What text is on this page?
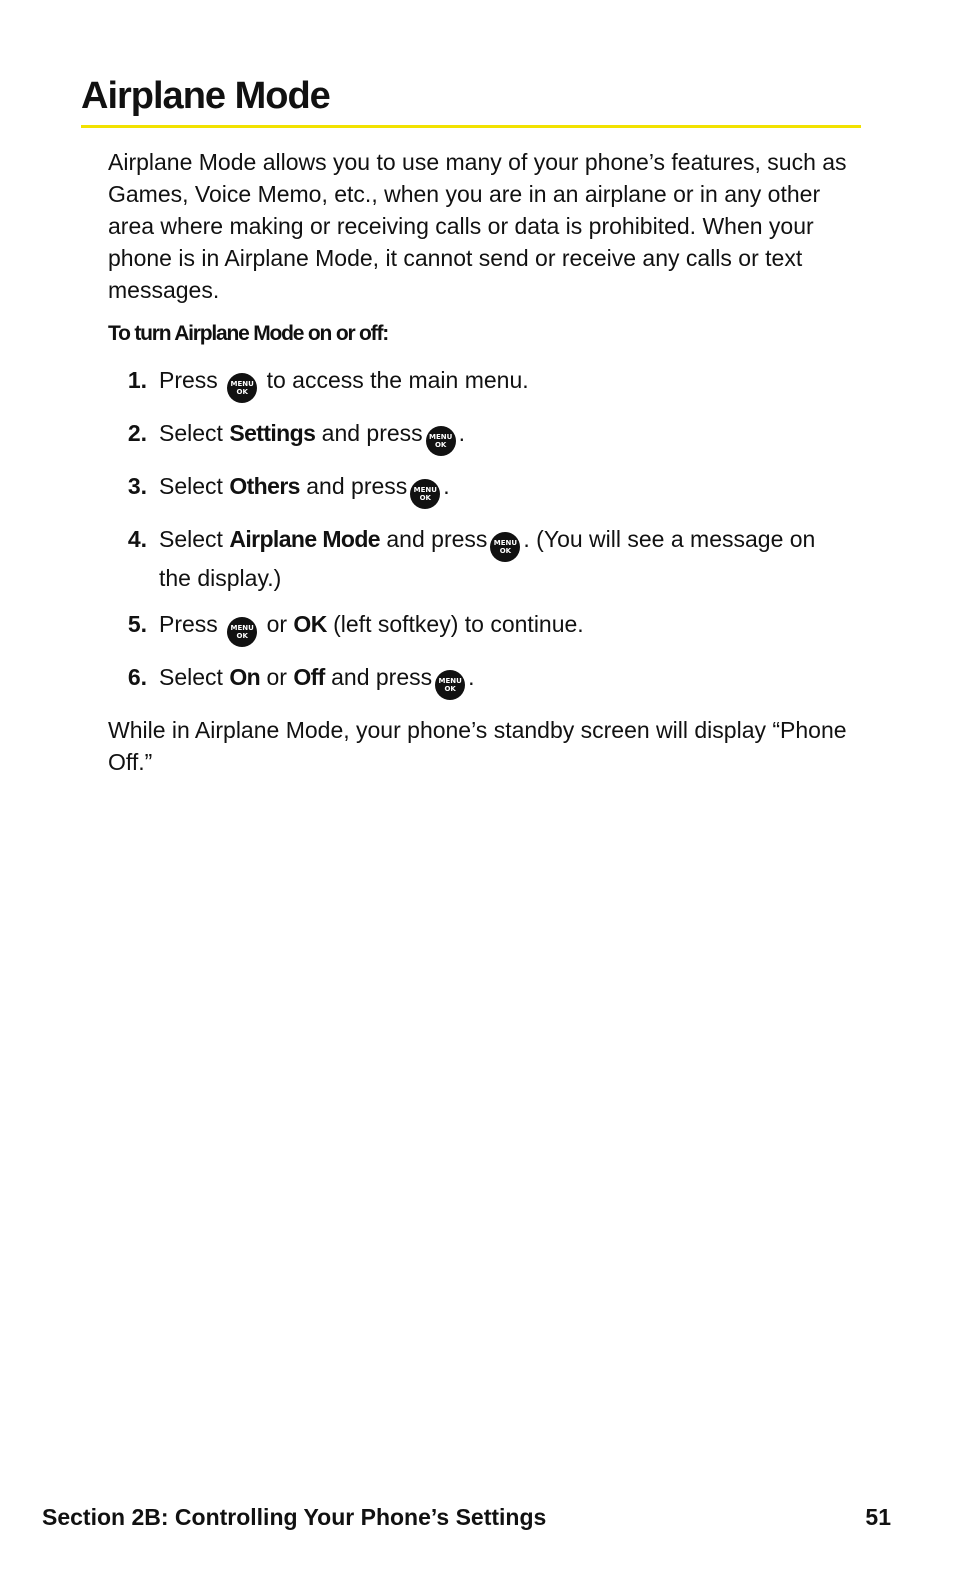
Airplane Mode

Airplane Mode allows you to use many of your phone’s features, such as Games, Voice Memo, etc., when you are in an airplane or in any other area where making or receiving calls or data is prohibited. When your phone is in Airplane Mode, it cannot send or receive any calls or text messages.

To turn Airplane Mode on or off:

1. Press	MENU
OK to access the main menu.
2. Select Settings and press MENU
OK .
3. Select Others and press MENU
OK .
4. Select Airplane Mode and press MENU
OK . (You will see a message on the display.)
5. Press	MENU
OK or OK (left softkey) to continue.
6. Select On or Off and press MENU
OK .

While in Airplane Mode, your phone’s standby screen will display “Phone Off.”

Section 2B: Controlling Your Phone’s Settings	51
